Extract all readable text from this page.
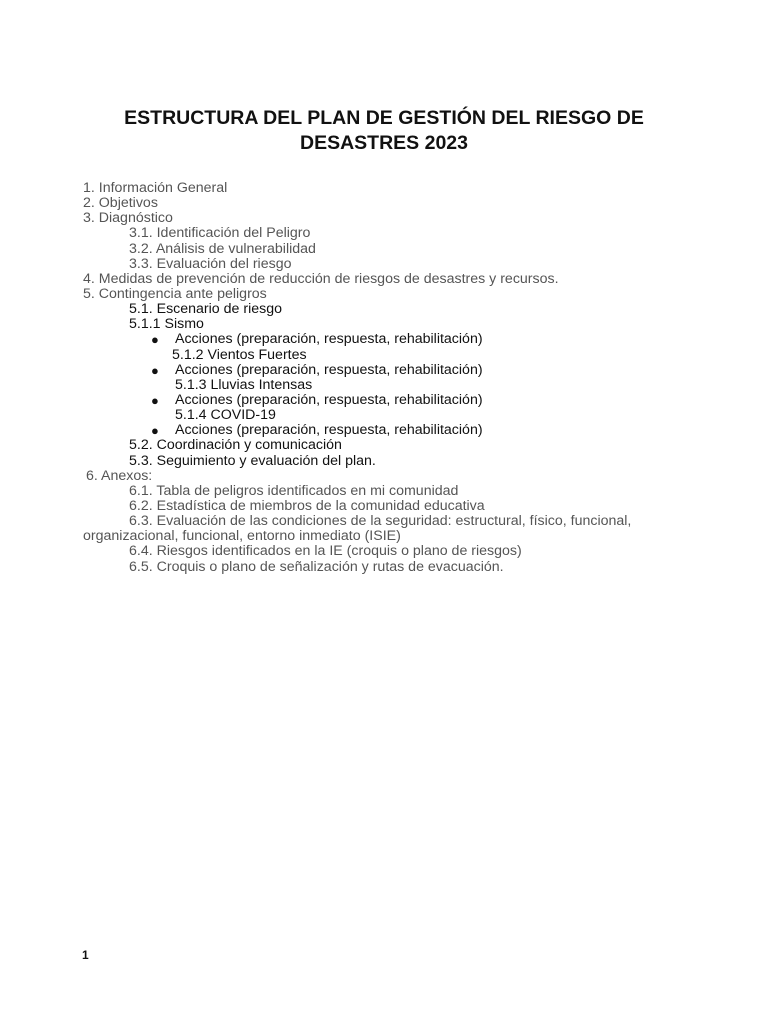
ESTRUCTURA DEL PLAN DE GESTIÓN DEL RIESGO DE
DESASTRES 2023
1. Información General
2. Objetivos
3. Diagnóstico
3.1. Identificación del Peligro
3.2. Análisis de vulnerabilidad
3.3. Evaluación del riesgo
4. Medidas de prevención de reducción de riesgos de desastres y recursos.
5. Contingencia ante peligros
5.1. Escenario de riesgo
5.1.1 Sismo
● Acciones (preparación, respuesta, rehabilitación)
5.1.2 Vientos Fuertes
● Acciones (preparación, respuesta, rehabilitación)
5.1.3 Lluvias Intensas
● Acciones (preparación, respuesta, rehabilitación)
5.1.4 COVID-19
● Acciones (preparación, respuesta, rehabilitación)
5.2. Coordinación y comunicación
5.3. Seguimiento y evaluación del plan.
6. Anexos:
6.1. Tabla de peligros identificados en mi comunidad
6.2. Estadística de miembros de la comunidad educativa
6.3. Evaluación de las condiciones de la seguridad: estructural, físico, funcional, organizacional, funcional, entorno inmediato (ISIE)
6.4. Riesgos identificados en la IE (croquis o plano de riesgos)
6.5. Croquis o plano de señalización y rutas de evacuación.
1
